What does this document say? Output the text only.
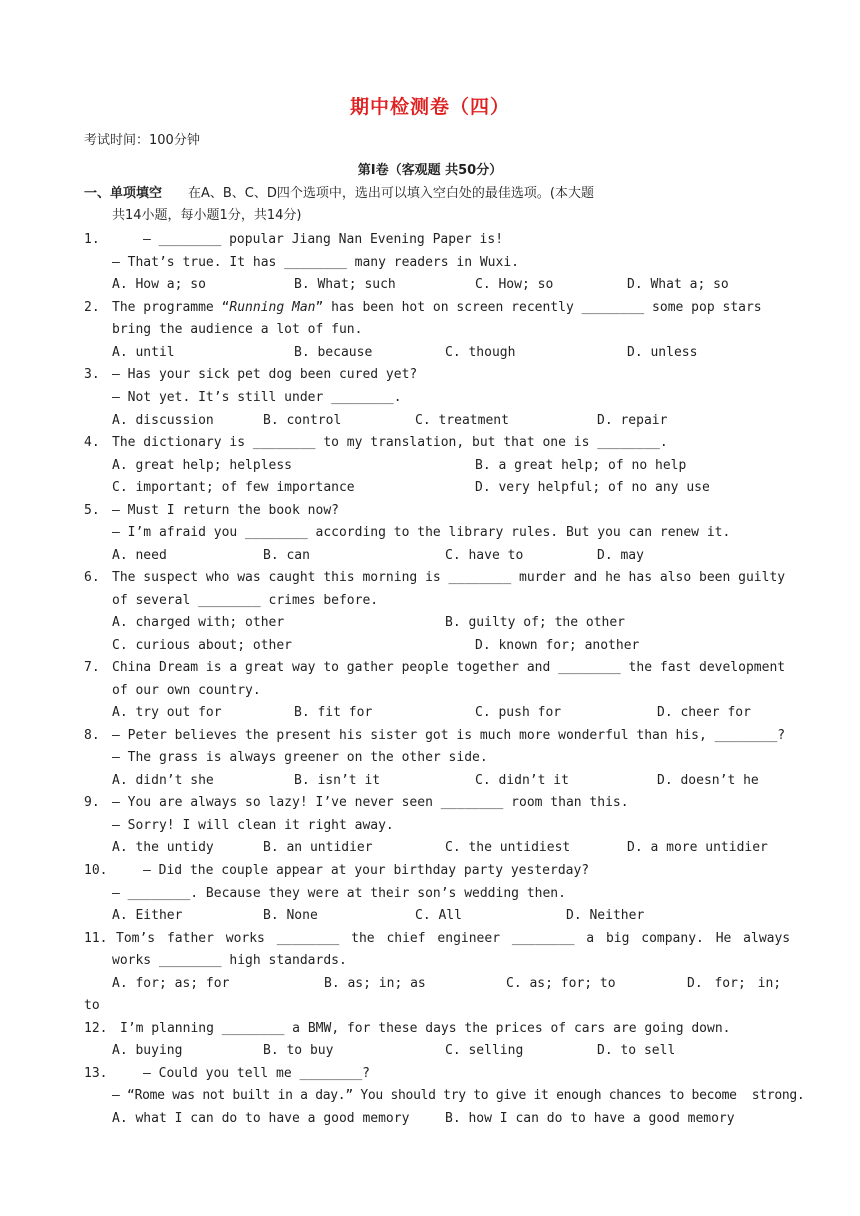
期中检测卷（四）
考试时间：100分钟
第Ⅰ卷（客观题 共50分）
一、单项填空 在A、B、C、D四个选项中，选出可以填入空白处的最佳选项。(本大题
共14小题，每小题1分，共14分)
1.	— ________ popular Jiang Nan Evening Paper is!
— That’s true. It has ________ many readers in Wuxi.
A. How a; so	B. What; such	C. How; so	D. What a; so
2. The programme “Running Man” has been hot on screen recently ________ some pop stars
bring the audience a lot of fun.
A. until	B. because	C. though	D. unless
3. — Has your sick pet dog been cured yet?
— Not yet. It’s still under ________.
A. discussion	B. control	C. treatment	D. repair
4. The dictionary is ________ to my translation, but that one is ________.
A. great help; helpless	B. a great help; of no help
C. important; of few importance	D. very helpful; of no any use
5. — Must I return the book now?
— I’m afraid you ________ according to the library rules. But you can renew it.
A. need	B. can	C. have to	D. may
6. The suspect who was caught this morning is ________ murder and he has also been guilty
of several ________ crimes before.
A. charged with; other	B. guilty of; the other
C. curious about; other	D. known for; another
7. China Dream is a great way to gather people together and ________ the fast development
of our own country.
A. try out for	B. fit for	C. push for	D. cheer for
8. — Peter believes the present his sister got is much more wonderful than his, ________?
— The grass is always greener on the other side.
A. didn’t she	B. isn’t it	C. didn’t it	D. doesn’t he
9. — You are always so lazy! I’ve never seen ________ room than this.
— Sorry! I will clean it right away.
A. the untidy	B. an untidier	C. the untidiest	D. a more untidier
10.	— Did the couple appear at your birthday party yesterday?
— ________. Because they were at their son’s wedding then.
A. Either	B. None	C. All	D. Neither
11. Tom’s father works ________ the chief engineer ________ a big company. He always
works ________ high standards.
A. for; as; for	B. as; in; as	C. as; for; to	D. for; in;
to
12. I’m planning ________ a BMW, for these days the prices of cars are going down.
A. buying	B. to buy	C. selling	D. to sell
13.	— Could you tell me ________?
— “Rome was not built in a day.” You should try to give it enough chances to become  strong.
A. what I can do to have a good memory	B. how I can do to have a good memory
